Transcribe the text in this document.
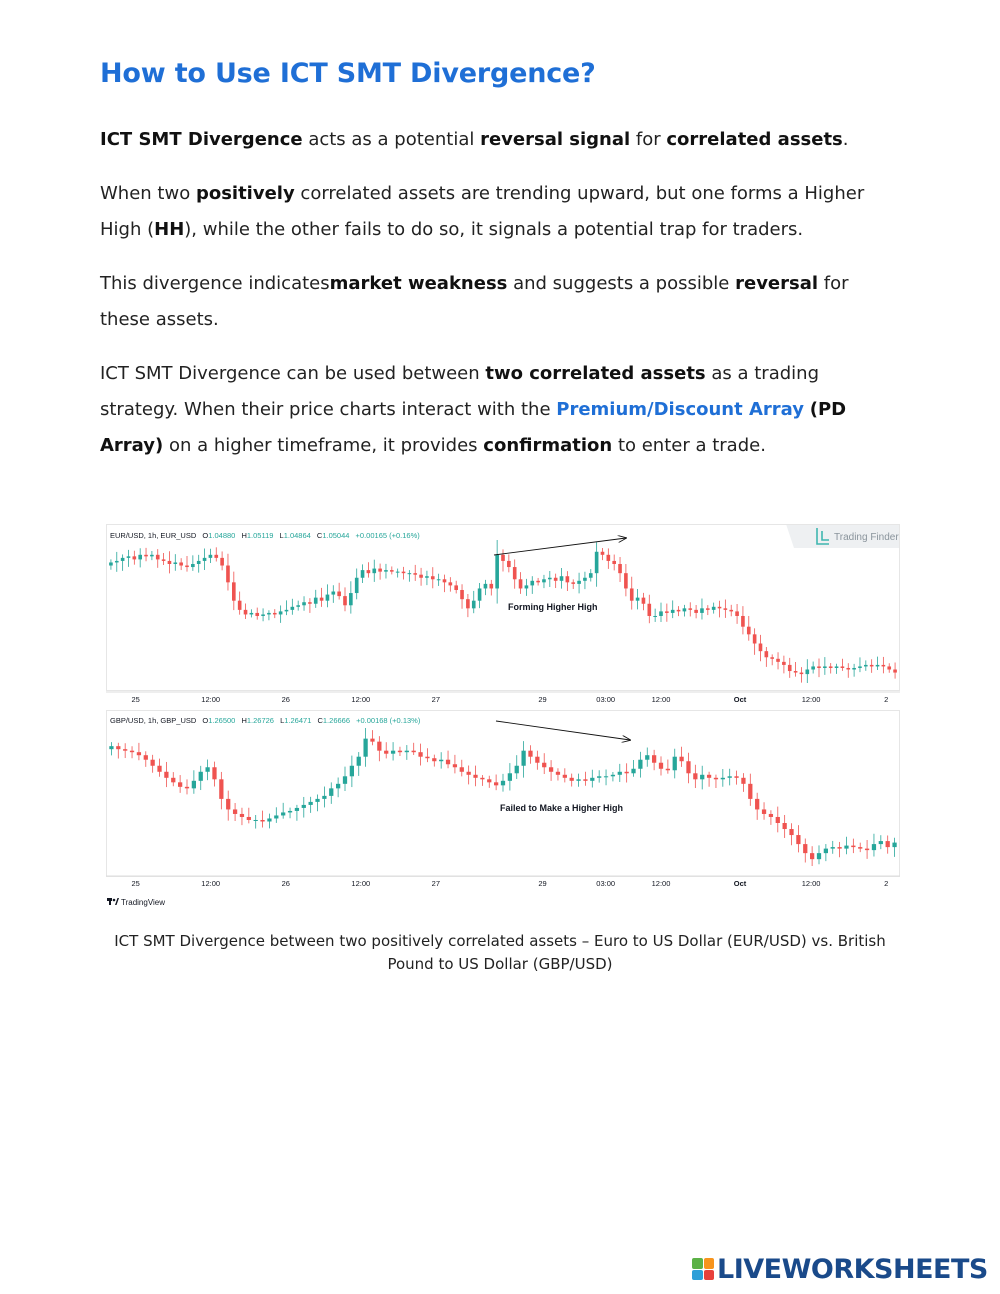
How to Use ICT SMT Divergence?

ICT SMT Divergence acts as a potential reversal signal for correlated assets.

When two positively correlated assets are trending upward, but one forms a Higher High (HH), while the other fails to do so, it signals a potential trap for traders.

This divergence indicatesmarket weakness and suggests a possible reversal for these assets.

ICT SMT Divergence can be used between two correlated assets as a trading strategy. When their price charts interact with the Premium/Discount Array (PD Array) on a higher timeframe, it provides confirmation to enter a trade.

Trading Finder
EUR/USD, 1h, EUR_USD O1.04880 H1.05119 L1.04864 C1.05044 +0.00165 (+0.16%)
Forming Higher High
25	12:00	26	12:00	27	29	03:00	12:00	Oct	12:00	2
GBP/USD, 1h, GBP_USD O1.26500 H1.26726 L1.26471 C1.26666 +0.00168 (+0.13%)
Failed to Make a Higher High
25	12:00	26	12:00	27	29	03:00	12:00	Oct	12:00	2
TradingView

ICT SMT Divergence between two positively correlated assets – Euro to US Dollar (EUR/USD) vs. British Pound to US Dollar (GBP/USD)

LIVEWORKSHEETS
